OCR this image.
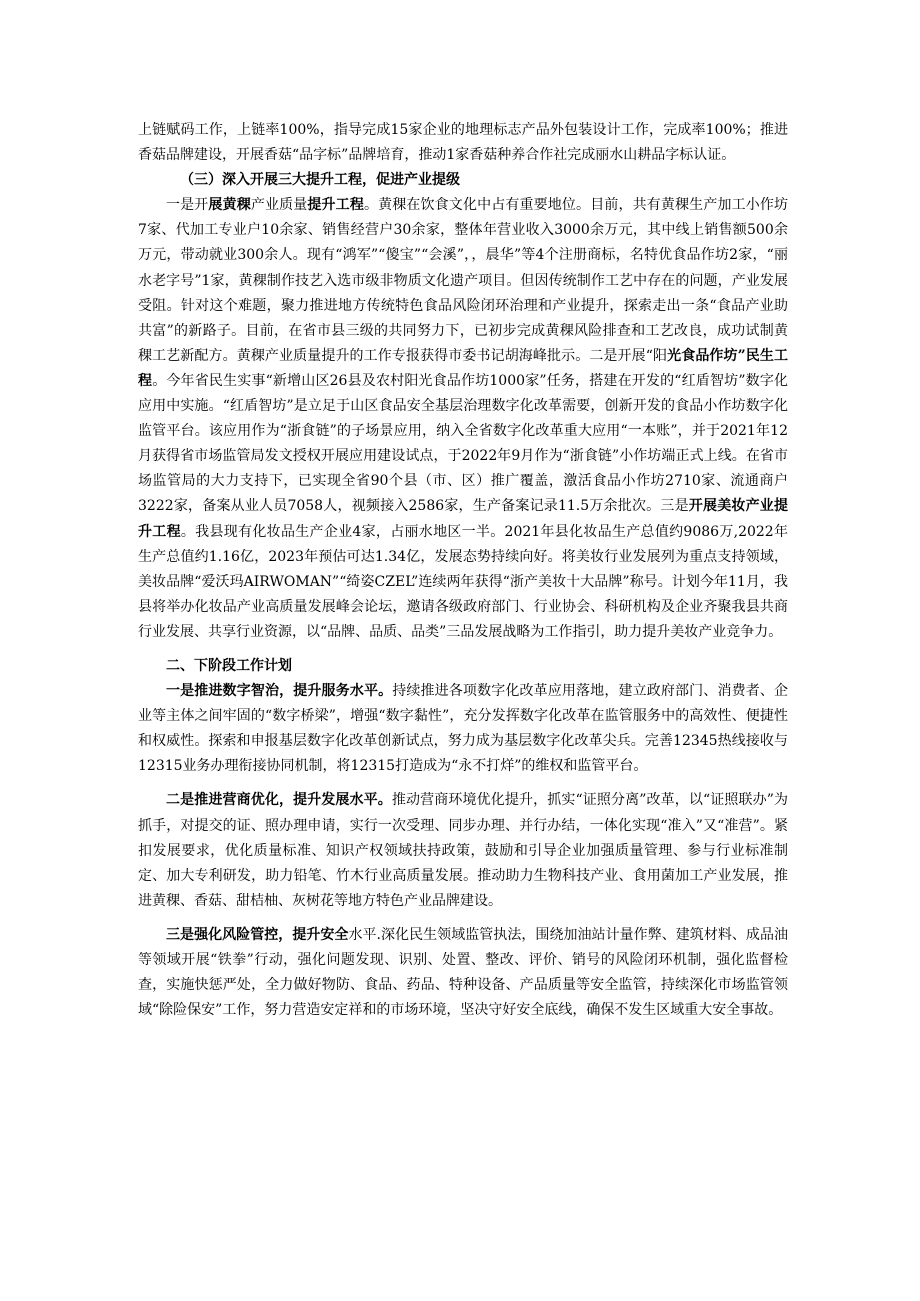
上链赋码工作，上链率100%，指导完成15家企业的地理标志产品外包装设计工作，完成率100%；推进香菇品牌建设，开展香菇“品字标”品牌培育，推动1家香菇种养合作社完成丽水山耕品字标认证。

（三）深入开展三大提升工程，促进产业提级

一是开展黄稞产业质量提升工程。黄稞在饮食文化中占有重要地位。目前，共有黄稞生产加工小作坊7家、代加工专业户10余家、销售经营户30余家，整体年营业收入3000余万元，其中线上销售额500余万元，带动就业300余人。现有“鸿军”“傻宝”“会溪”，，晨华”等4个注册商标，名特优食品作坊2家，“丽水老字号”1家，黄稞制作技艺入选市级非物质文化遗产项目。但因传统制作工艺中存在的问题，产业发展受阻。针对这个难题，聚力推进地方传统特色食品风险闭环治理和产业提升，探索走出一条“食品产业助共富”的新路子。目前，在省市县三级的共同努力下，已初步完成黄稞风险排查和工艺改良，成功试制黄稞工艺新配方。黄稞产业质量提升的工作专报获得市委书记胡海峰批示。二是开展“阳光食品作坊”民生工程。今年省民生实事“新增山区26县及农村阳光食品作坊1000家”任务，搭建在开发的“红盾智坊”数字化应用中实施。“红盾智坊”是立足于山区食品安全基层治理数字化改革需要，创新开发的食品小作坊数字化监管平台。该应用作为“浙食链”的子场景应用，纳入全省数字化改革重大应用“一本账”，并于2021年12月获得省市场监管局发文授权开展应用建设试点，于2022年9月作为“浙食链”小作坊端正式上线。在省市场监管局的大力支持下，已实现全省90个县（市、区）推广覆盖，激活食品小作坊2710家、流通商户3222家，备案从业人员7058人，视频接入2586家，生产备案记录11.5万余批次。三是开展美妆产业提升工程。我县现有化妆品生产企业4家，占丽水地区一半。2021年县化妆品生产总值约9086万,2022年生产总值约1.16亿，2023年预估可达1.34亿，发展态势持续向好。将美妆行业发展列为重点支持领域，美妆品牌“爱沃玛AIRWOMAN”“绮姿CZEL”连续两年获得“浙产美妆十大品牌”称号。计划今年11月，我县将举办化妆品产业高质量发展峰会论坛，邀请各级政府部门、行业协会、科研机构及企业齐聚我县共商行业发展、共享行业资源，以“品牌、品质、品类”三品发展战略为工作指引，助力提升美妆产业竞争力。

二、下阶段工作计划

一是推进数字智治，提升服务水平。持续推进各项数字化改革应用落地，建立政府部门、消费者、企业等主体之间牢固的“数字桥梁”，增强“数字黏性”，充分发挥数字化改革在监管服务中的高效性、便捷性和权威性。探索和申报基层数字化改革创新试点，努力成为基层数字化改革尖兵。完善12345热线接收与12315业务办理衔接协同机制，将12315打造成为“永不打烊”的维权和监管平台。

二是推进营商优化，提升发展水平。推动营商环境优化提升，抓实“证照分离”改革，以“证照联办”为抓手，对提交的证、照办理申请，实行一次受理、同步办理、并行办结，一体化实现“准入”又“准营”。紧扣发展要求，优化质量标准、知识产权领域扶持政策，鼓励和引导企业加强质量管理、参与行业标准制定、加大专利研发，助力铅笔、竹木行业高质量发展。推动助力生物科技产业、食用菌加工产业发展，推进黄稞、香菇、甜桔柚、灰树花等地方特色产业品牌建设。

三是强化风险管控，提升安全水平.深化民生领域监管执法，围绕加油站计量作弊、建筑材料、成品油等领域开展“铁拳”行动，强化问题发现、识别、处置、整改、评价、销号的风险闭环机制，强化监督检查，实施快惩严处，全力做好物防、食品、药品、特种设备、产品质量等安全监管，持续深化市场监管领域“除险保安”工作，努力营造安定祥和的市场环境，坚决守好安全底线，确保不发生区域重大安全事故。
